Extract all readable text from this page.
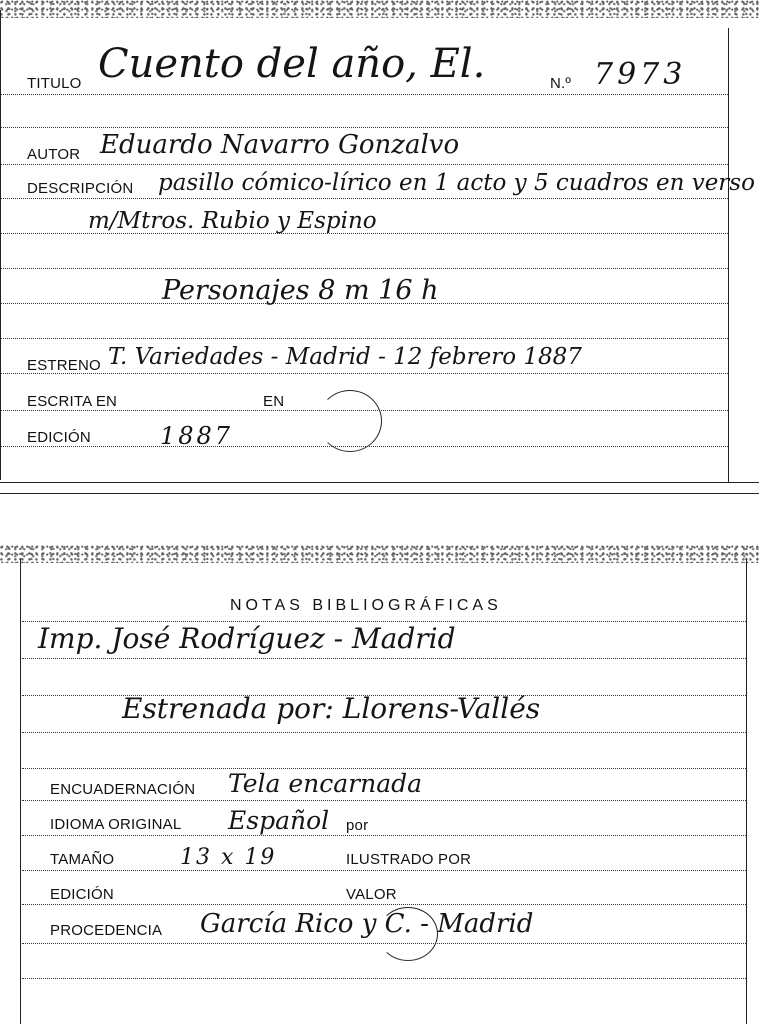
TITULO Cuento del año, El.	N.º 7973
AUTOR Eduardo Navarro Gonzalvo
DESCRIPCIÓN pasillo cómico-lírico en 1 acto y 5 cuadros en verso
m/Mtros. Rubio y Espino
Personajes 8 m 16 h
ESTRENO T. Variedades - Madrid - 12 febrero 1887
ESCRITA EN	EN
EDICIÓN	1887
NOTAS BIBLIOGRÁFICAS
Imp. José Rodríguez - Madrid
Estrenada por: Llorens-Vallés
ENCUADERNACIÓN Tela encarnada
IDIOMA ORIGINAL Español por
TAMAÑO	13 x 19	ILUSTRADO POR
EDICIÓN	VALOR
PROCEDENCIA García Rico y C. - Madrid
